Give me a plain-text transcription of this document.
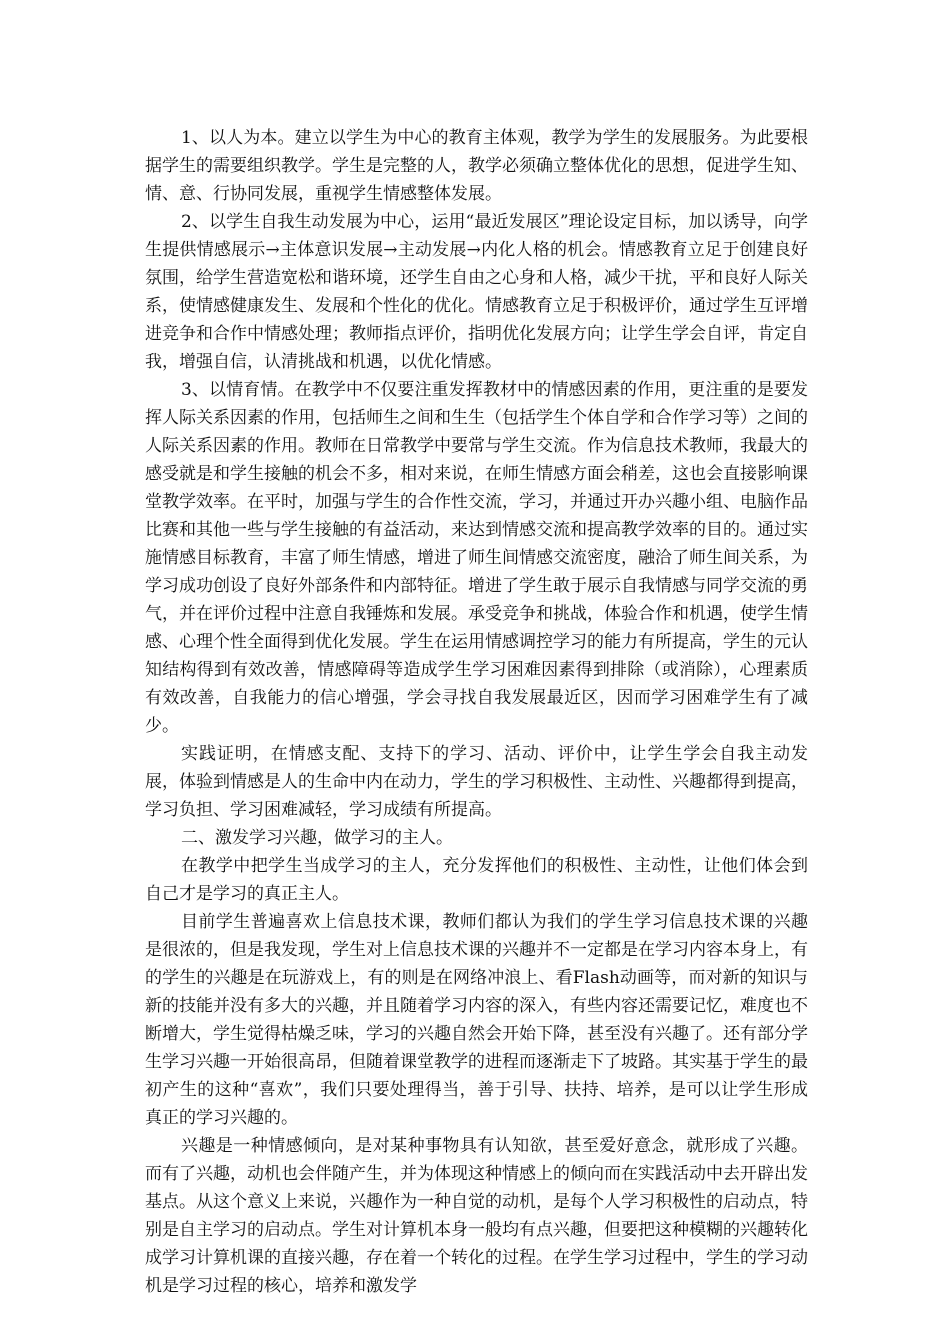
1、以人为本。建立以学生为中心的教育主体观，教学为学生的发展服务。为此要根据学生的需要组织教学。学生是完整的人，教学必须确立整体优化的思想，促进学生知、情、意、行协同发展，重视学生情感整体发展。

2、以学生自我生动发展为中心，运用“最近发展区”理论设定目标，加以诱导，向学生提供情感展示→主体意识发展→主动发展→内化人格的机会。情感教育立足于创建良好氛围，给学生营造宽松和谐环境，还学生自由之心身和人格，减少干扰，平和良好人际关系，使情感健康发生、发展和个性化的优化。情感教育立足于积极评价，通过学生互评增进竞争和合作中情感处理；教师指点评价，指明优化发展方向；让学生学会自评，肯定自我，增强自信，认清挑战和机遇，以优化情感。

3、以情育情。在教学中不仅要注重发挥教材中的情感因素的作用，更注重的是要发挥人际关系因素的作用，包括师生之间和生生（包括学生个体自学和合作学习等）之间的人际关系因素的作用。教师在日常教学中要常与学生交流。作为信息技术教师，我最大的感受就是和学生接触的机会不多，相对来说，在师生情感方面会稍差，这也会直接影响课堂教学效率。在平时，加强与学生的合作性交流，学习，并通过开办兴趣小组、电脑作品比赛和其他一些与学生接触的有益活动，来达到情感交流和提高教学效率的目的。通过实施情感目标教育，丰富了师生情感，增进了师生间情感交流密度，融洽了师生间关系，为学习成功创设了良好外部条件和内部特征。增进了学生敢于展示自我情感与同学交流的勇气，并在评价过程中注意自我锤炼和发展。承受竞争和挑战，体验合作和机遇，使学生情感、心理个性全面得到优化发展。学生在运用情感调控学习的能力有所提高，学生的元认知结构得到有效改善，情感障碍等造成学生学习困难因素得到排除（或消除），心理素质有效改善，自我能力的信心增强，学会寻找自我发展最近区，因而学习困难学生有了减少。

实践证明，在情感支配、支持下的学习、活动、评价中，让学生学会自我主动发展，体验到情感是人的生命中内在动力，学生的学习积极性、主动性、兴趣都得到提高，学习负担、学习困难减轻，学习成绩有所提高。

二、激发学习兴趣，做学习的主人。

在教学中把学生当成学习的主人，充分发挥他们的积极性、主动性，让他们体会到自己才是学习的真正主人。

目前学生普遍喜欢上信息技术课，教师们都认为我们的学生学习信息技术课的兴趣是很浓的，但是我发现，学生对上信息技术课的兴趣并不一定都是在学习内容本身上，有的学生的兴趣是在玩游戏上，有的则是在网络冲浪上、看Flash动画等，而对新的知识与新的技能并没有多大的兴趣，并且随着学习内容的深入，有些内容还需要记忆，难度也不断增大，学生觉得枯燥乏味，学习的兴趣自然会开始下降，甚至没有兴趣了。还有部分学生学习兴趣一开始很高昂，但随着课堂教学的进程而逐渐走下了坡路。其实基于学生的最初产生的这种“喜欢”，我们只要处理得当，善于引导、扶持、培养，是可以让学生形成真正的学习兴趣的。

兴趣是一种情感倾向，是对某种事物具有认知欲，甚至爱好意念，就形成了兴趣。而有了兴趣，动机也会伴随产生，并为体现这种情感上的倾向而在实践活动中去开辟出发基点。从这个意义上来说，兴趣作为一种自觉的动机，是每个人学习积极性的启动点，特别是自主学习的启动点。学生对计算机本身一般均有点兴趣，但要把这种模糊的兴趣转化成学习计算机课的直接兴趣，存在着一个转化的过程。在学生学习过程中，学生的学习动机是学习过程的核心，培养和激发学
